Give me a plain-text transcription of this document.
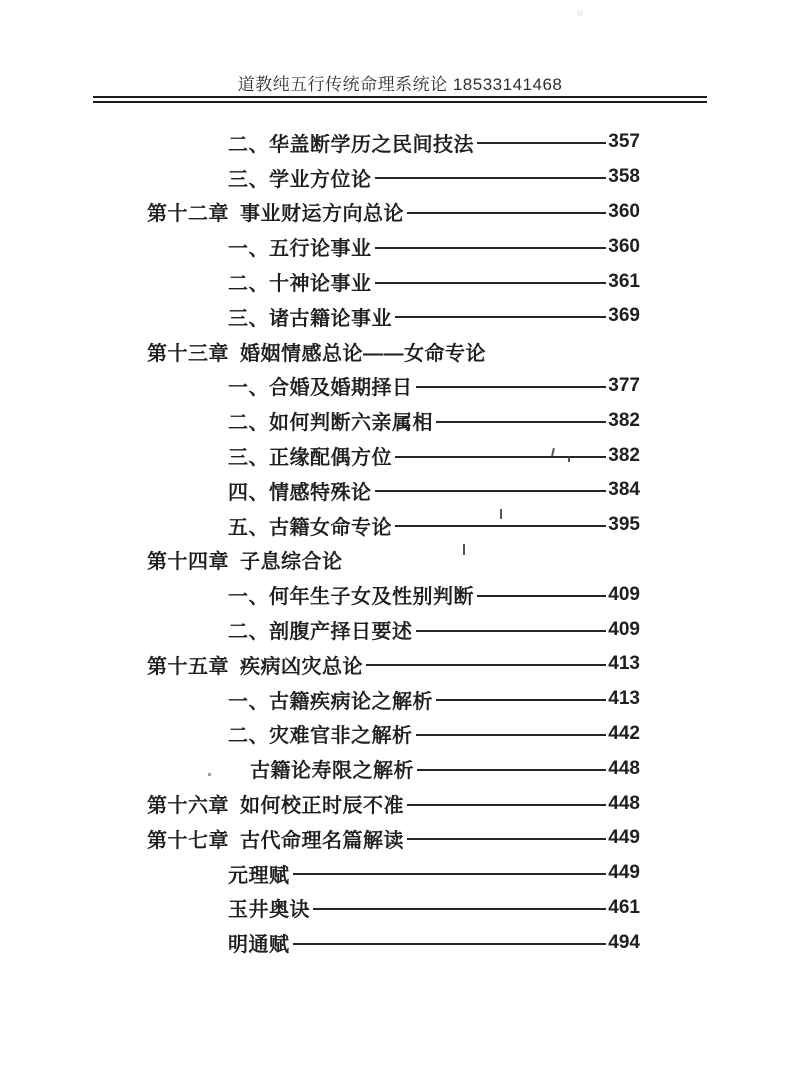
道教纯五行传统命理系统论 18533141468
二、华盖断学历之民间技法	357
三、学业方位论	358
第十二章 事业财运方向总论	360
一、五行论事业	360
二、十神论事业	361
三、诸古籍论事业	369
第十三章 婚姻情感总论——女命专论
一、合婚及婚期择日	377
二、如何判断六亲属相	382
三、正缘配偶方位	382
四、情感特殊论	384
五、古籍女命专论	395
第十四章 子息综合论
一、何年生子女及性别判断	409
二、剖腹产择日要述	409
第十五章 疾病凶灾总论	413
一、古籍疾病论之解析	413
二、灾难官非之解析	442
古籍论寿限之解析	448
第十六章 如何校正时辰不准	448
第十七章 古代命理名篇解读	449
元理赋	449
玉井奥诀	461
明通赋	494
